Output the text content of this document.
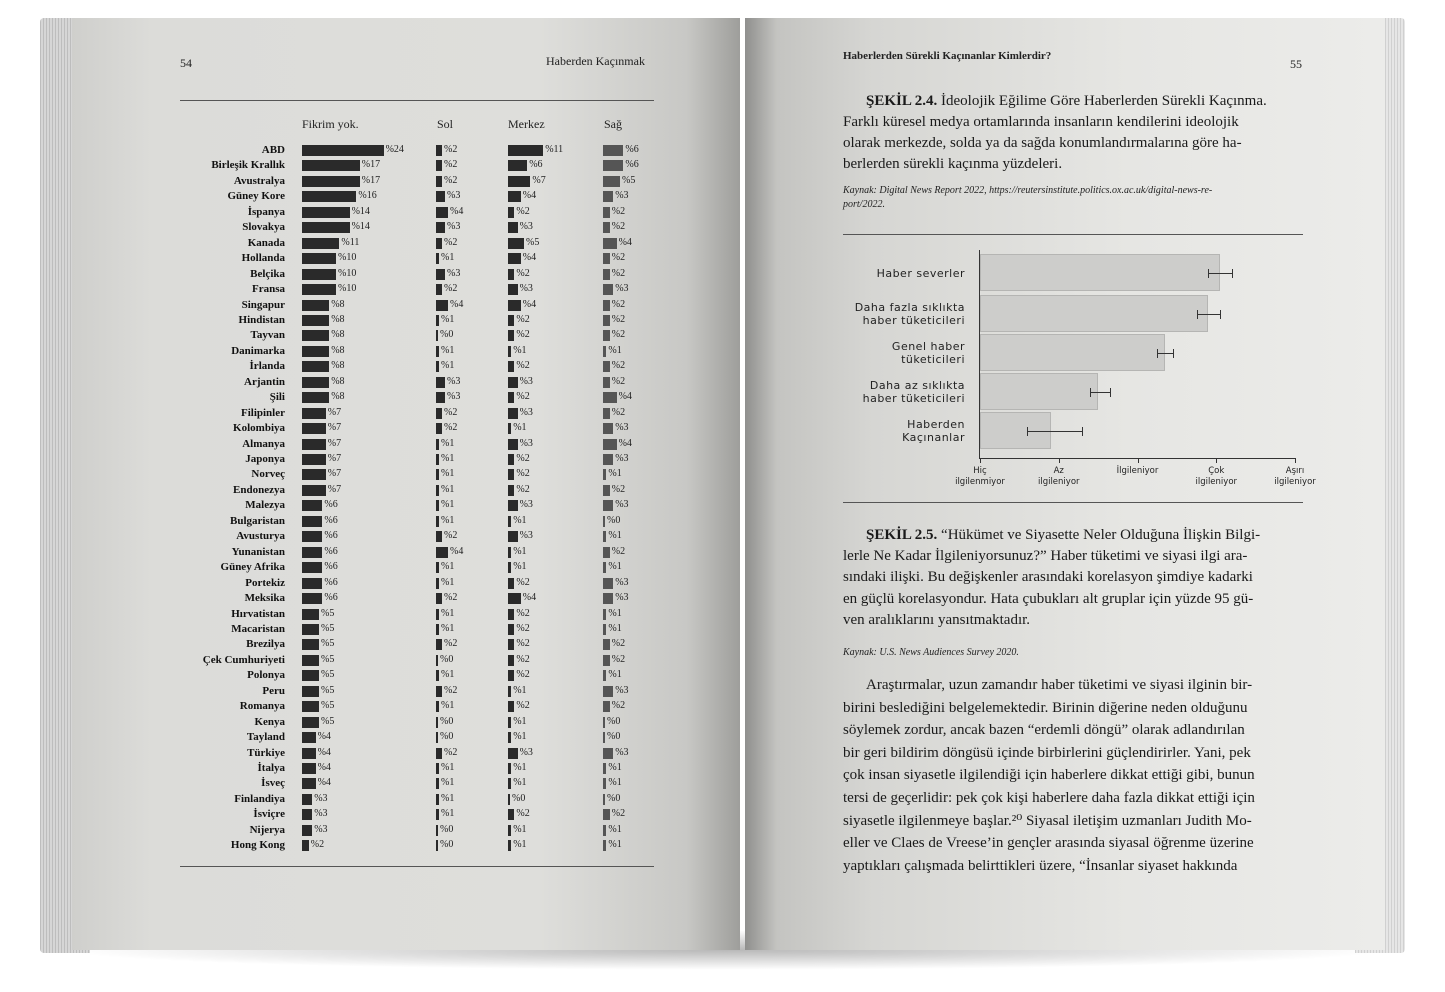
54	Haberden Kaçınmak
Fikrim yok.	Sol	Merkez	Sağ
ABD	%24	%2	%11	%6
Birleşik Krallık	%17	%2	%6	%6
Avustralya	%17	%2	%7	%5
Güney Kore	%16	%3	%4	%3
İspanya	%14	%4	%2	%2
Slovakya	%14	%3	%3	%2
Kanada	%11	%2	%5	%4
Hollanda	%10	%1	%4	%2
Belçika	%10	%3	%2	%2
Fransa	%10	%2	%3	%3
Singapur	%8	%4	%4	%2
Hindistan	%8	%1	%2	%2
Tayvan	%8	%0	%2	%2
Danimarka	%8	%1	%1	%1
İrlanda	%8	%1	%2	%2
Arjantin	%8	%3	%3	%2
Şili	%8	%3	%2	%4
Filipinler	%7	%2	%3	%2
Kolombiya	%7	%2	%1	%3
Almanya	%7	%1	%3	%4
Japonya	%7	%1	%2	%3
Norveç	%7	%1	%2	%1
Endonezya	%7	%1	%2	%2
Malezya	%6	%1	%3	%3
Bulgaristan	%6	%1	%1	%0
Avusturya	%6	%2	%3	%1
Yunanistan	%6	%4	%1	%2
Güney Afrika	%6	%1	%1	%1
Portekiz	%6	%1	%2	%3
Meksika	%6	%2	%4	%3
Hırvatistan	%5	%1	%2	%1
Macaristan	%5	%1	%2	%1
Brezilya	%5	%2	%2	%2
Çek Cumhuriyeti	%5	%0	%2	%2
Polonya	%5	%1	%2	%1
Peru	%5	%2	%1	%3
Romanya	%5	%1	%2	%2
Kenya	%5	%0	%1	%0
Tayland	%4	%0	%1	%0
Türkiye	%4	%2	%3	%3
İtalya	%4	%1	%1	%1
İsveç	%4	%1	%1	%1
Finlandiya	%3	%1	%0	%0
İsviçre	%3	%1	%2	%2
Nijerya	%3	%0	%1	%1
Hong Kong	%2	%0	%1	%1
Haberlerden Sürekli Kaçınanlar Kimlerdir?
55
ŞEKİL 2.4. İdeolojik Eğilime Göre Haberlerden Sürekli Kaçınma.
Farklı küresel medya ortamlarında insanların kendilerini ideolojik
olarak merkezde, solda ya da sağda konumlandırmalarına göre ha-
berlerden sürekli kaçınma yüzdeleri.
Kaynak: Digital News Report 2022, https://reutersinstitute.politics.ox.ac.uk/digital-news-re-
port/2022.
Haber severler
Daha fazla sıklıkta
haber tüketicileri
Genel haber
tüketicileri
Daha az sıklıkta
haber tüketicileri
Haberden
Kaçınanlar
Hiç
ilgilenmiyor
Az
ilgileniyor
İlgileniyor	Çok
ilgileniyor
Aşırı
ilgileniyor
ŞEKİL 2.5. “Hükümet ve Siyasette Neler Olduğuna İlişkin Bilgi-
lerle Ne Kadar İlgileniyorsunuz?” Haber tüketimi ve siyasi ilgi ara-
sındaki ilişki. Bu değişkenler arasındaki korelasyon şimdiye kadarki
en güçlü korelasyondur. Hata çubukları alt gruplar için yüzde 95 gü-
ven aralıklarını yansıtmaktadır.
Kaynak: U.S. News Audiences Survey 2020.
Araştırmalar, uzun zamandır haber tüketimi ve siyasi ilginin bir-
birini beslediğini belgelemektedir. Birinin diğerine neden olduğunu
söylemek zordur, ancak bazen “erdemli döngü” olarak adlandırılan
bir geri bildirim döngüsü içinde birbirlerini güçlendirirler. Yani, pek
çok insan siyasetle ilgilendiği için haberlere dikkat ettiği gibi, bunun
tersi de geçerlidir: pek çok kişi haberlere daha fazla dikkat ettiği için
siyasetle ilgilenmeye başlar.²⁰ Siyasal iletişim uzmanları Judith Mo-
eller ve Claes de Vreese’in gençler arasında siyasal öğrenme üzerine
yaptıkları çalışmada belirttikleri üzere, “İnsanlar siyaset hakkında
